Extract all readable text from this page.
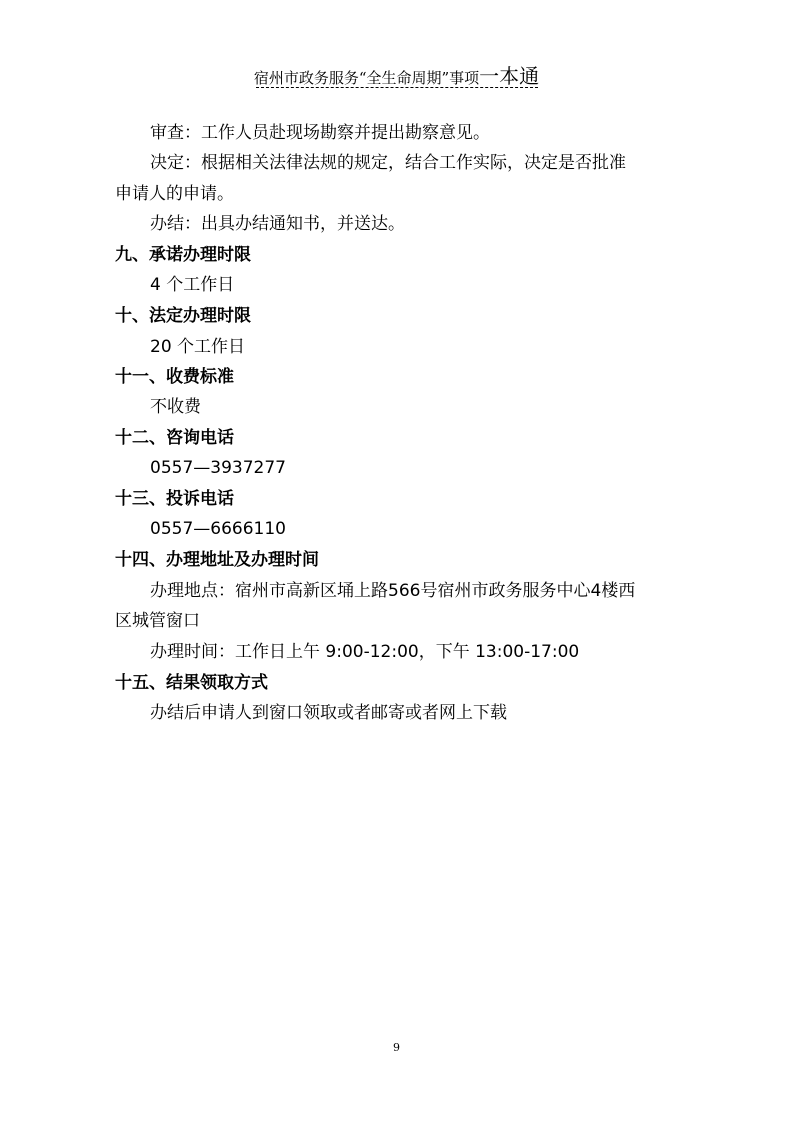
宿州市政务服务“全生命周期”事项一本通
审查：工作人员赴现场勘察并提出勘察意见。
决定：根据相关法律法规的规定，结合工作实际，决定是否批准
申请人的申请。
办结：出具办结通知书，并送达。
九、承诺办理时限
4 个工作日
十、法定办理时限
20 个工作日
十一、收费标准
不收费
十二、咨询电话
0557—3937277
十三、投诉电话
0557—6666110
十四、办理地址及办理时间
办理地点：宿州市高新区埇上路566号宿州市政务服务中心4楼西
区城管窗口
办理时间：工作日上午 9:00-12:00，下午 13:00-17:00
十五、结果领取方式
办结后申请人到窗口领取或者邮寄或者网上下载
9
